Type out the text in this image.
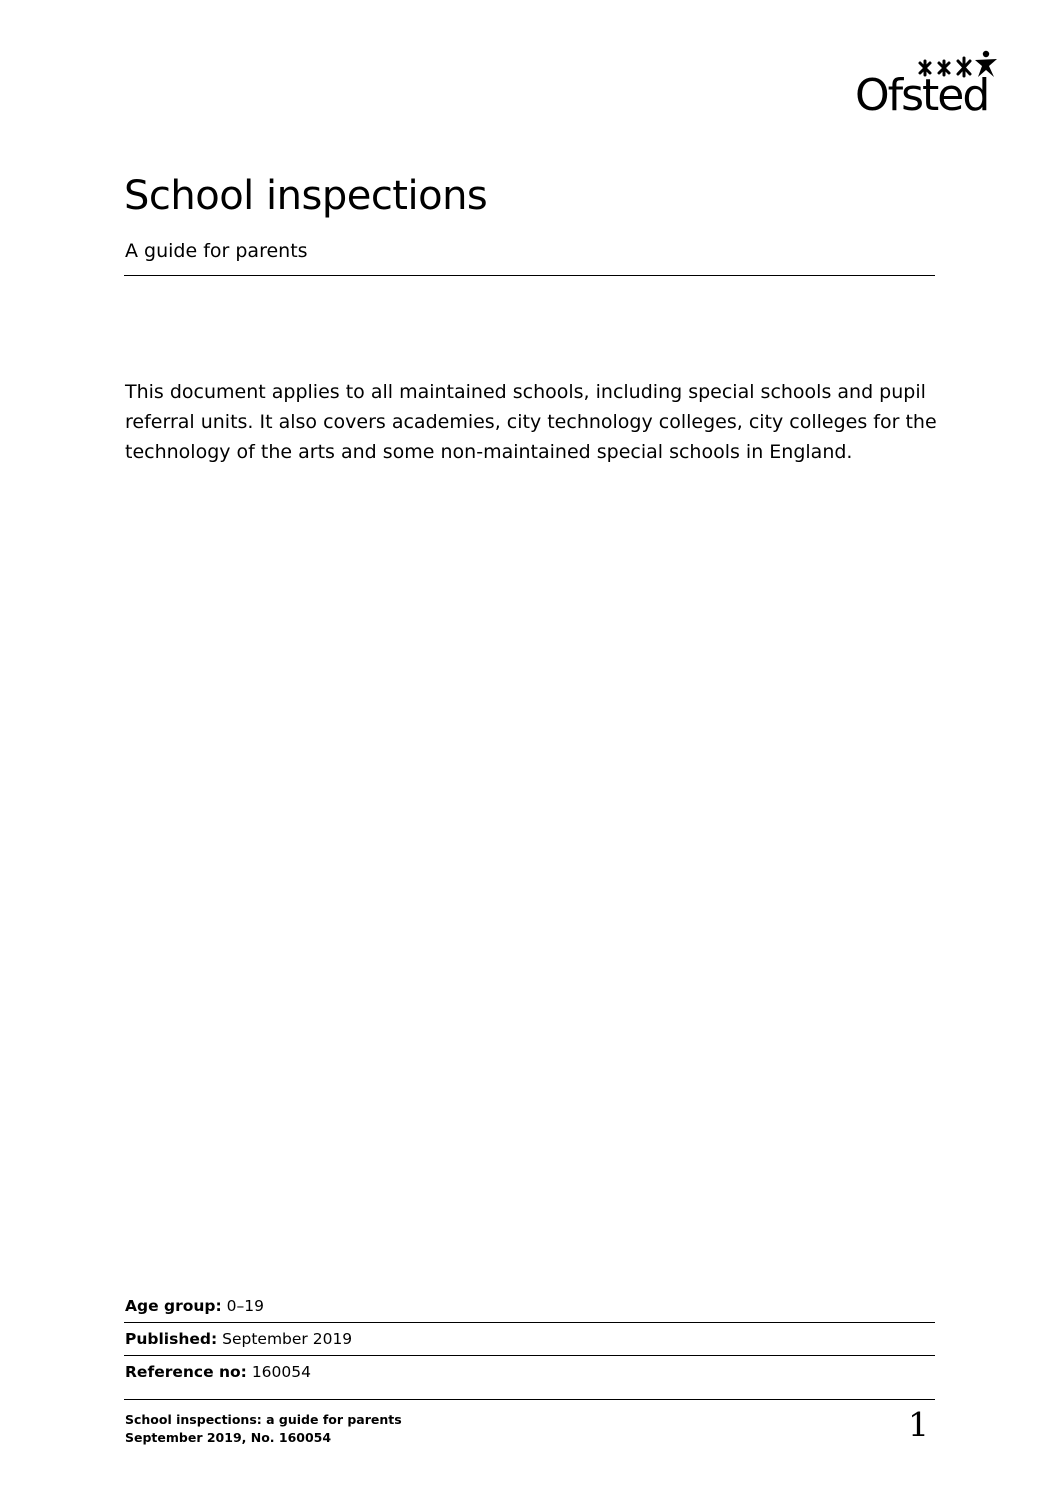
Ofsted
School inspections
A guide for parents

This document applies to all maintained schools, including special schools and pupil referral units. It also covers academies, city technology colleges, city colleges for the technology of the arts and some non-maintained special schools in England.

Age group: 0–19
Published: September 2019
Reference no: 160054
School inspections: a guide for parents
September 2019, No. 160054	1
